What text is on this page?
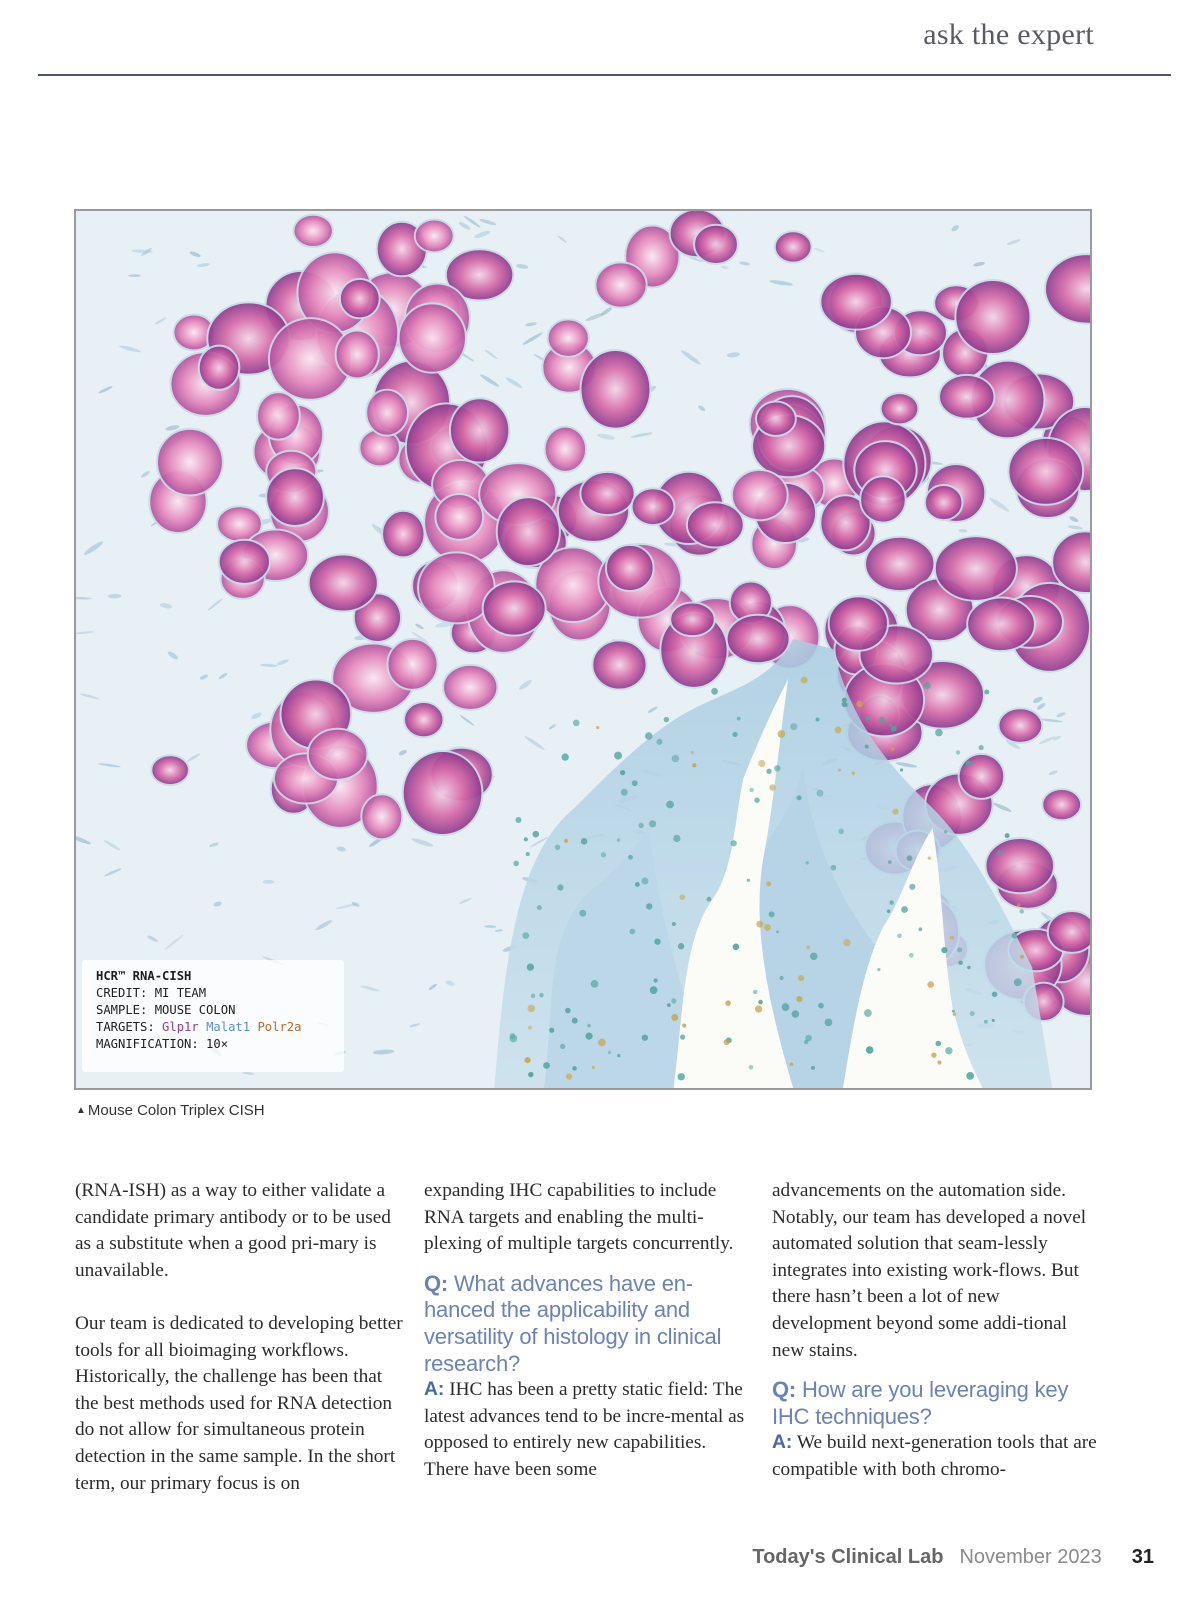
ask the expert
HCR™ RNA-CISH
CREDIT: MI TEAM
SAMPLE: MOUSE COLON
TARGETS: Glp1r Malat1 Polr2a
MAGNIFICATION: 10×
▲ Mouse Colon Triplex CISH

(RNA-ISH) as a way to either validate a candidate primary antibody or to be used as a substitute when a good pri-mary is unavailable.

Our team is dedicated to developing better tools for all bioimaging workflows. Historically, the challenge has been that the best methods used for RNA detection do not allow for simultaneous protein detection in the same sample. In the short term, our primary focus is on

expanding IHC capabilities to include RNA targets and enabling the multi-plexing of multiple targets concurrently.

Q: What advances have en-hanced the applicability and versatility of histology in clinical research?

A: IHC has been a pretty static field: The latest advances tend to be incre-mental as opposed to entirely new capabilities. There have been some

advancements on the automation side. Notably, our team has developed a novel automated solution that seam-lessly integrates into existing work-flows. But there hasn’t been a lot of new development beyond some addi-tional new stains.

Q: How are you leveraging key IHC techniques?

A: We build next-generation tools that are compatible with both chromo-

Today's Clinical Lab November 2023 31
